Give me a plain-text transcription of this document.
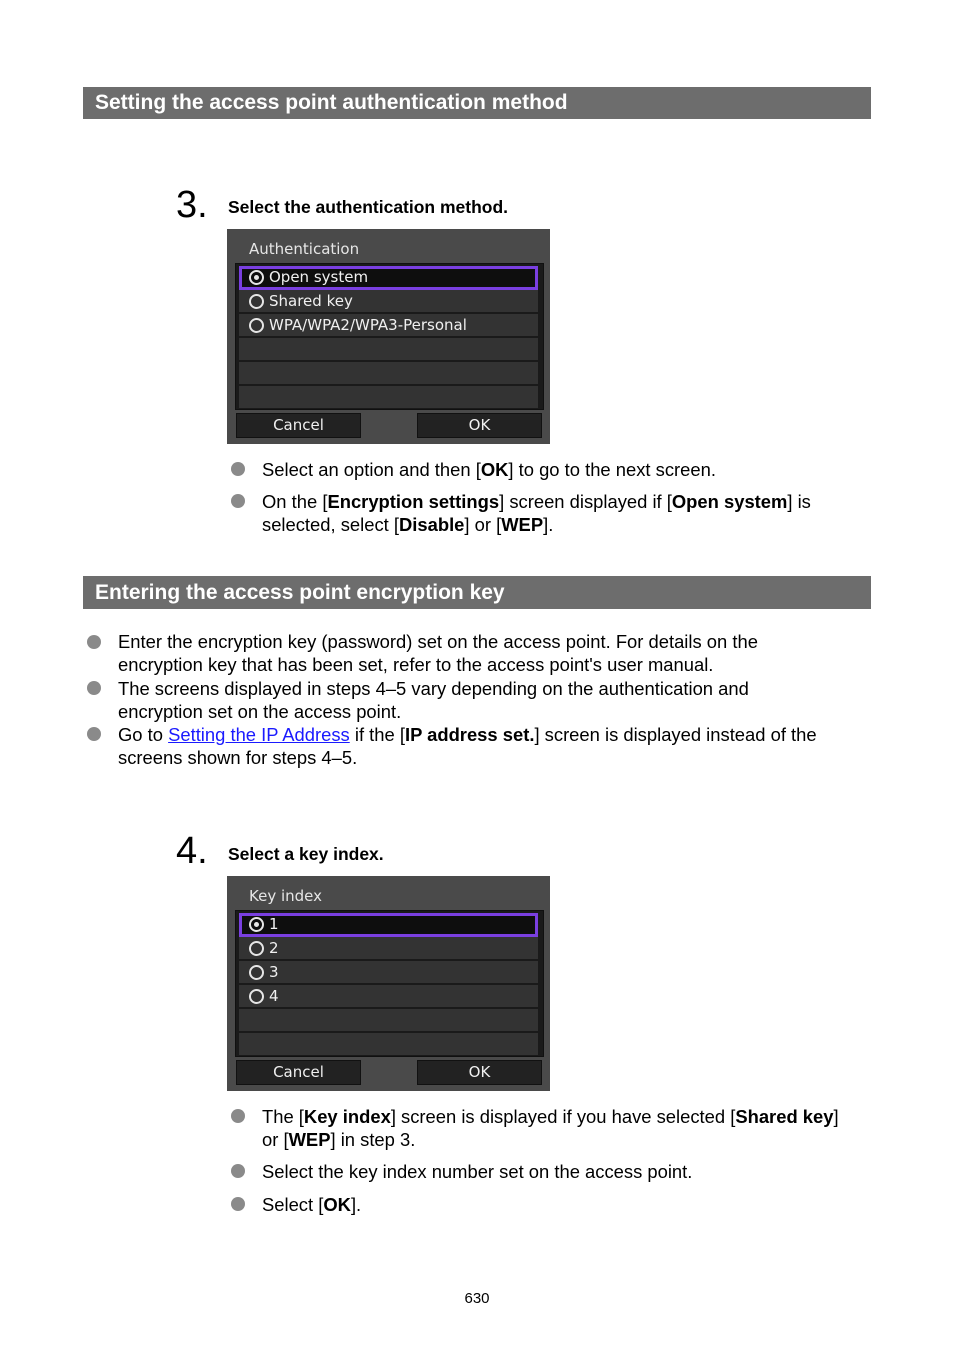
Setting the access point authentication method
3. Select the authentication method.
Authentication
Open system
Shared key
WPA/WPA2/WPA3-Personal
Cancel	OK
Select an option and then [OK] to go to the next screen.
On the [Encryption settings] screen displayed if [Open system] is
selected, select [Disable] or [WEP].
Entering the access point encryption key
Enter the encryption key (password) set on the access point. For details on the
encryption key that has been set, refer to the access point's user manual.
The screens displayed in steps 4–5 vary depending on the authentication and
encryption set on the access point.
Go to Setting the IP Address if the [IP address set.] screen is displayed instead of the
screens shown for steps 4–5.
4. Select a key index.
Key index
1
2
3
4
Cancel	OK
The [Key index] screen is displayed if you have selected [Shared key]
or [WEP] in step 3.
Select the key index number set on the access point.
Select [OK].
630
